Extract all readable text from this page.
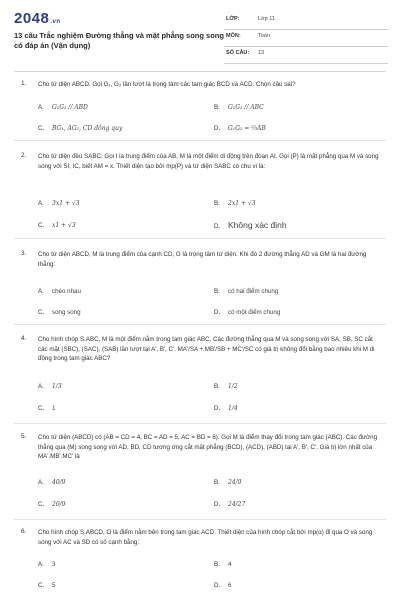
2048.vn
13 câu Trắc nghiệm Đường thẳng và mặt phẳng song song có đáp án (Vận dụng)
LỚP:	Lớp 11
MÔN:	Toán
SỐ CÂU: 13
1. Cho tứ diện ABCD. Gọi G₁, G₂ lần lượt là trọng tâm các tam giác BCD và ACD. Chọn câu sai?
A. G₁G₂ // ABD	B. G₁G₂ // ABC
C. BG₁, AG₂, CD đồng quy	D. G₁G₂ = ⅔AB
2. Cho tứ diện đều SABC. Gọi I là trung điểm của AB, M là một điểm di động trên đoạn AI. Gọi (P) là mặt phẳng qua M và song song với SI, IC, biết AM = x. Thiết diện tạo bởi mp(P) và tứ diện SABC có chu vi là:
A. 3x1 + √3	B. 2x1 + √3
C. x1 + √3	D. Không xác định
3. Cho tứ diện ABCD, M là trung điểm của cạnh CD, G là trọng tâm tứ diện. Khi đó 2 đường thẳng AD và GM là hai đường thẳng:
A. chéo nhau	B. có hai điểm chung
C. song song	D. có một điểm chung
4. Cho hình chóp S.ABC, M là một điểm nằm trong tam giác ABC. Các đường thẳng qua M và song song với SA, SB, SC cắt các mặt (SBC), (SAC), (SAB) lần lượt tại A', B', C'. MA'/SA + MB'/SB + MC'/SC có giá trị không đổi bằng bao nhiêu khi M di động trong tam giác ABC?
A. 1/3	B. 1/2
C. 1	D. 1/4
5. Cho tứ diện (ABCD) có (AB = CD = 4, BC = AD = 5, AC = BD = 6). Gọi M là điểm thay đổi trong tam giác (ABC). Các đường thẳng qua (M) song song với AD, BD, CD tương ứng cắt mặt phẳng (BCD), (ACD), (ABD) tại A', B', C'. Giá trị lớn nhất của MA'.MB'.MC' là
A. 40/9	B. 24/9
C. 20/9	D. 24/27
6. Cho hình chóp S.ABCD, O là điểm nằm bên trong tam giác ACD. Thiết diện của hình chóp cắt bởi mp(α) đi qua O và song song với AC và SD có số cạnh bằng:
A. 3	B. 4
C. 5	D. 6
